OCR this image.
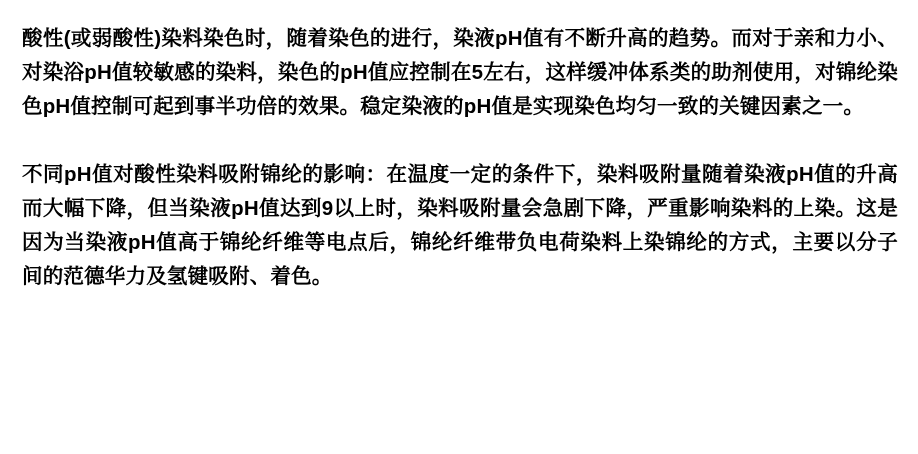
酸性(或弱酸性)染料染色时，随着染色的进行，染液pH值有不断升高的趋势。而对于亲和力小、对染浴pH值较敏感的染料，染色的pH值应控制在5左右，这样缓冲体系类的助剂使用，对锦纶染色pH值控制可起到事半功倍的效果。稳定染液的pH值是实现染色均匀一致的关键因素之一。

不同pH值对酸性染料吸附锦纶的影响：在温度一定的条件下，染料吸附量随着染液pH值的升高而大幅下降，但当染液pH值达到9以上时，染料吸附量会急剧下降，严重影响染料的上染。这是因为当染液pH值高于锦纶纤维等电点后，锦纶纤维带负电荷染料上染锦纶的方式，主要以分子间的范德华力及氢键吸附、着色。
